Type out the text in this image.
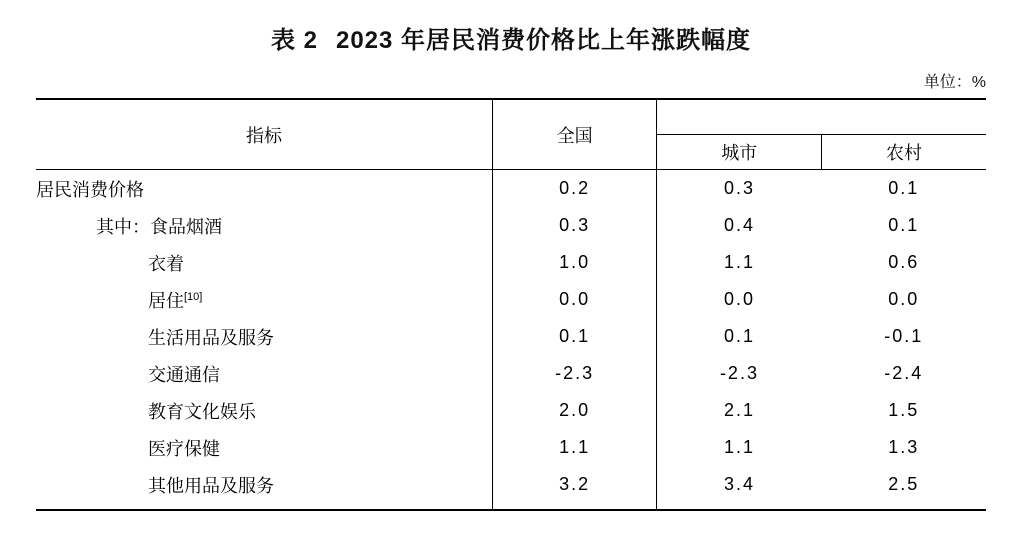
表 2 2023 年居民消费价格比上年涨跌幅度
单位：%
指标	全国		
		城市	农村

居民消费价格	0.2	0.3	0.1
其中：食品烟酒	0.3	0.4	0.1
衣着	1.0	1.1	0.6
居住[10]	0.0	0.0	0.0
生活用品及服务	0.1	0.1	-0.1
交通通信	-2.3	-2.3	-2.4
教育文化娱乐	2.0	2.1	1.5
医疗保健	1.1	1.1	1.3
其他用品及服务	3.2	3.4	2.5
